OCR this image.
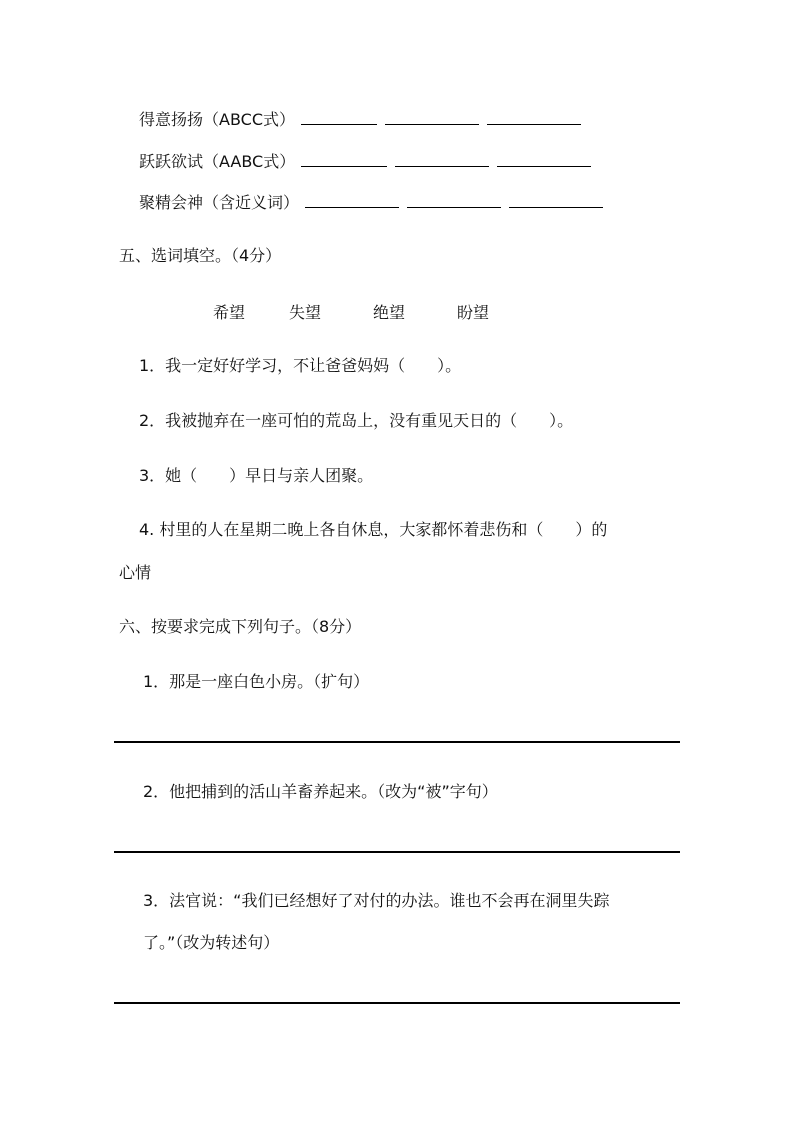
得意扬扬（ABCC式）
跃跃欲试（AABC式）
聚精会神（含近义词）
五、选词填空。（4分）
希望	失望	绝望	盼望
1．我一定好好学习，不让爸爸妈妈（　　）。
2．我被抛弃在一座可怕的荒岛上，没有重见天日的（　　）。
3．她（　　）早日与亲人团聚。
4. 村里的人在星期二晚上各自休息，大家都怀着悲伤和（　　）的
心情
六、按要求完成下列句子。（8分）
1．那是一座白色小房。（扩句）
2．他把捕到的活山羊畜养起来。（改为“被”字句）
3．法官说：“我们已经想好了对付的办法。谁也不会再在洞里失踪
了。”（改为转述句）
